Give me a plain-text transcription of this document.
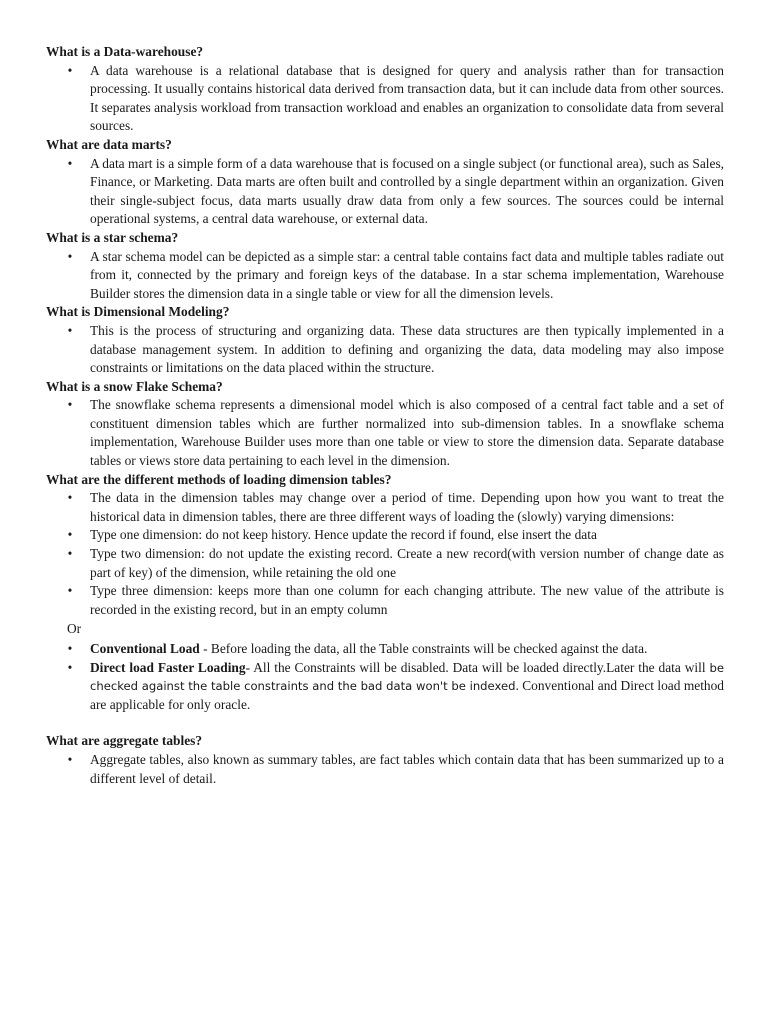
What is a Data-warehouse?
• A data warehouse is a relational database that is designed for query and analysis rather than for transaction processing. It usually contains historical data derived from transaction data, but it can include data from other sources. It separates analysis workload from transaction workload and enables an organization to consolidate data from several sources.
What are data marts?
• A data mart is a simple form of a data warehouse that is focused on a single subject (or functional area), such as Sales, Finance, or Marketing. Data marts are often built and controlled by a single department within an organization. Given their single-subject focus, data marts usually draw data from only a few sources. The sources could be internal operational systems, a central data warehouse, or external data.
What is a star schema?
• A star schema model can be depicted as a simple star: a central table contains fact data and multiple tables radiate out from it, connected by the primary and foreign keys of the database. In a star schema implementation, Warehouse Builder stores the dimension data in a single table or view for all the dimension levels.
What is Dimensional Modeling?
• This is the process of structuring and organizing data. These data structures are then typically implemented in a database management system. In addition to defining and organizing the data, data modeling may also impose constraints or limitations on the data placed within the structure.
What is a snow Flake Schema?
• The snowflake schema represents a dimensional model which is also composed of a central fact table and a set of constituent dimension tables which are further normalized into sub-dimension tables. In a snowflake schema implementation, Warehouse Builder uses more than one table or view to store the dimension data. Separate database tables or views store data pertaining to each level in the dimension.
What are the different methods of loading dimension tables?
• The data in the dimension tables may change over a period of time. Depending upon how you want to treat the historical data in dimension tables, there are three different ways of loading the (slowly) varying dimensions:
• Type one dimension: do not keep history. Hence update the record if found, else insert the data
• Type two dimension: do not update the existing record. Create a new record(with version number of change date as part of key) of the dimension, while retaining the old one
• Type three dimension: keeps more than one column for each changing attribute. The new value of the attribute is recorded in the existing record, but in an empty column
Or
• Conventional Load - Before loading the data, all the Table constraints will be checked against the data.
• Direct load Faster Loading- All the Constraints will be disabled. Data will be loaded directly.Later the data will be checked against the table constraints and the bad data won't be indexed. Conventional and Direct load method are applicable for only oracle.
What are aggregate tables?
• Aggregate tables, also known as summary tables, are fact tables which contain data that has been summarized up to a different level of detail.
